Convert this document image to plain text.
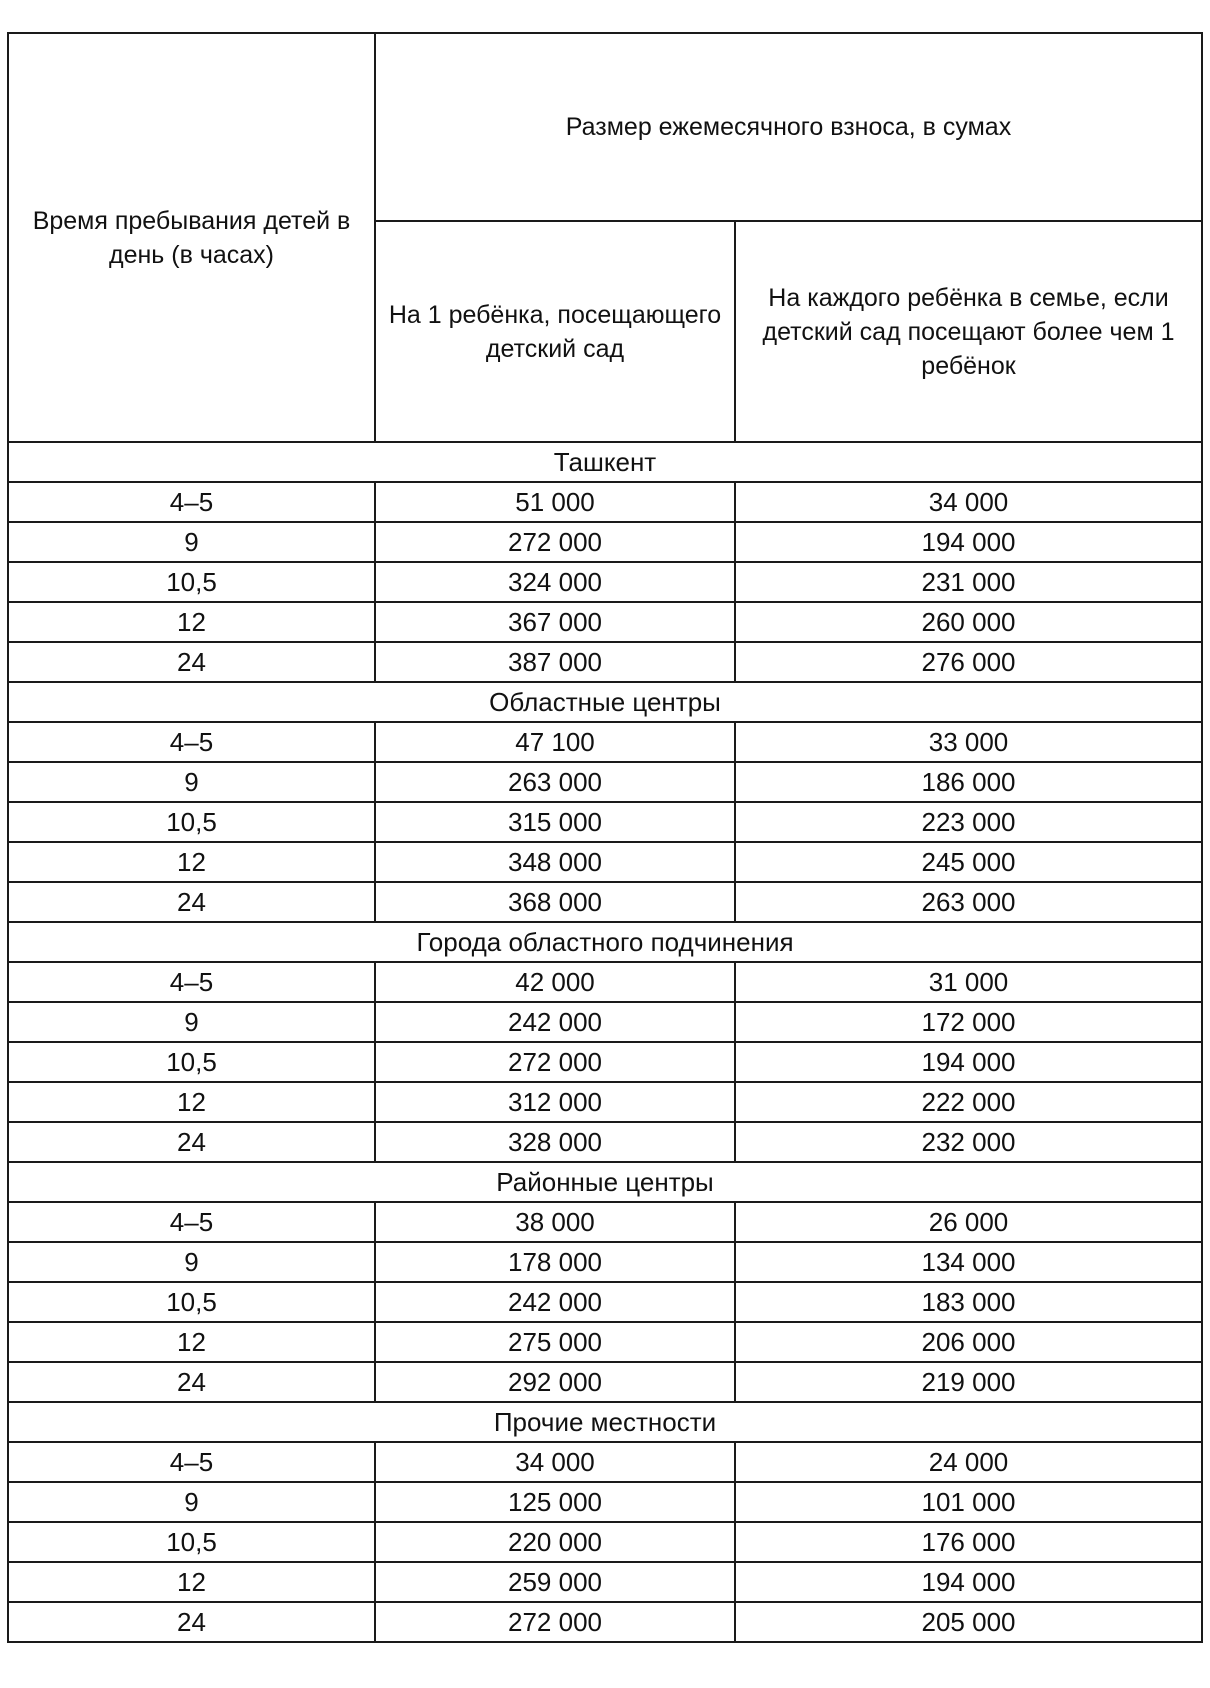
Время пребывания детей в день (в часах)	Размер ежемесячного взноса, в сумах	
	На 1 ребёнка, посещающего детский сад	На каждого ребёнка в семье, если детский сад посещают более чем 1 ребёнок
Ташкент		
4–5	51 000	34 000
9	272 000	194 000
10,5	324 000	231 000
12	367 000	260 000
24	387 000	276 000
Областные центры		
4–5	47 100	33 000
9	263 000	186 000
10,5	315 000	223 000
12	348 000	245 000
24	368 000	263 000
Города областного подчинения		
4–5	42 000	31 000
9	242 000	172 000
10,5	272 000	194 000
12	312 000	222 000
24	328 000	232 000
Районные центры		
4–5	38 000	26 000
9	178 000	134 000
10,5	242 000	183 000
12	275 000	206 000
24	292 000	219 000
Прочие местности		
4–5	34 000	24 000
9	125 000	101 000
10,5	220 000	176 000
12	259 000	194 000
24	272 000	205 000
